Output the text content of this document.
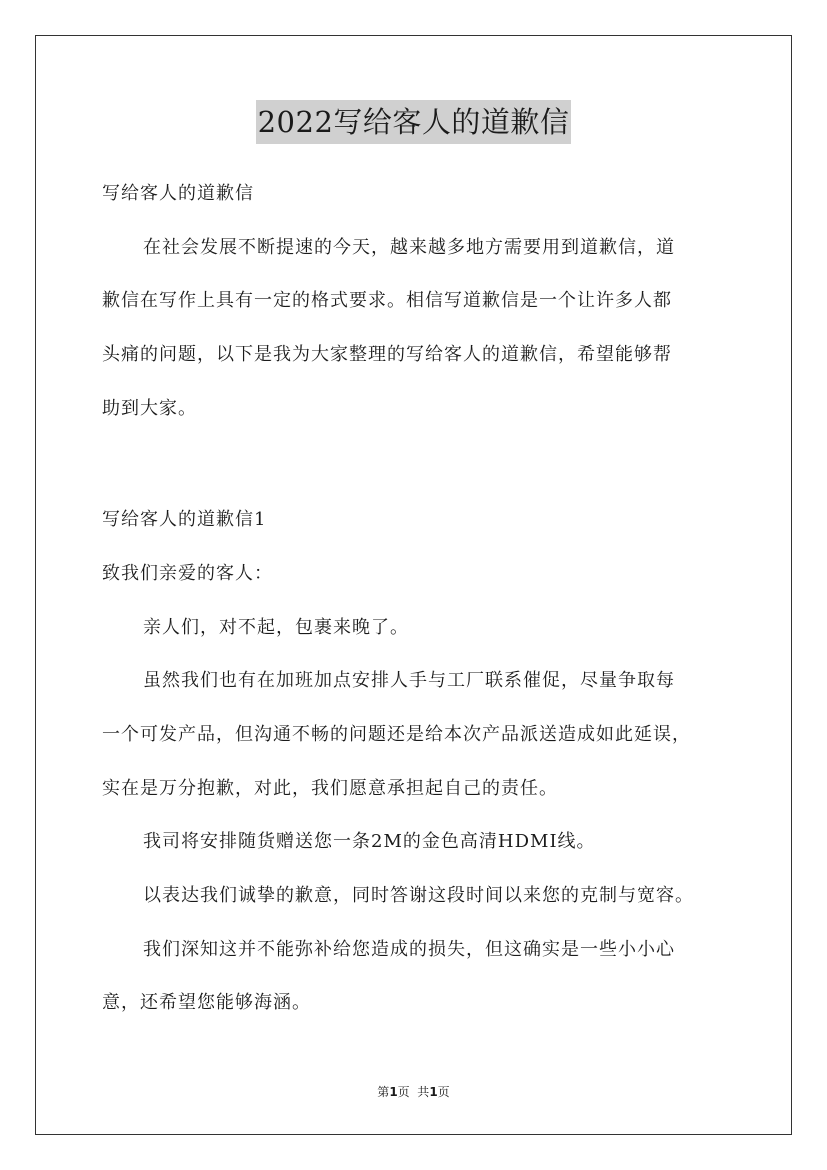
2022写给客人的道歉信
写给客人的道歉信
在社会发展不断提速的今天，越来越多地方需要用到道歉信，道
歉信在写作上具有一定的格式要求。相信写道歉信是一个让许多人都
头痛的问题，以下是我为大家整理的写给客人的道歉信，希望能够帮
助到大家。
写给客人的道歉信1
致我们亲爱的客人：
亲人们，对不起，包裹来晚了。
虽然我们也有在加班加点安排人手与工厂联系催促，尽量争取每
一个可发产品，但沟通不畅的问题还是给本次产品派送造成如此延误，
实在是万分抱歉，对此，我们愿意承担起自己的责任。
我司将安排随货赠送您一条2M的金色高清HDMI线。
以表达我们诚挚的歉意，同时答谢这段时间以来您的克制与宽容。
我们深知这并不能弥补给您造成的损失，但这确实是一些小小心
意，还希望您能够海涵。
第1页  共1页
